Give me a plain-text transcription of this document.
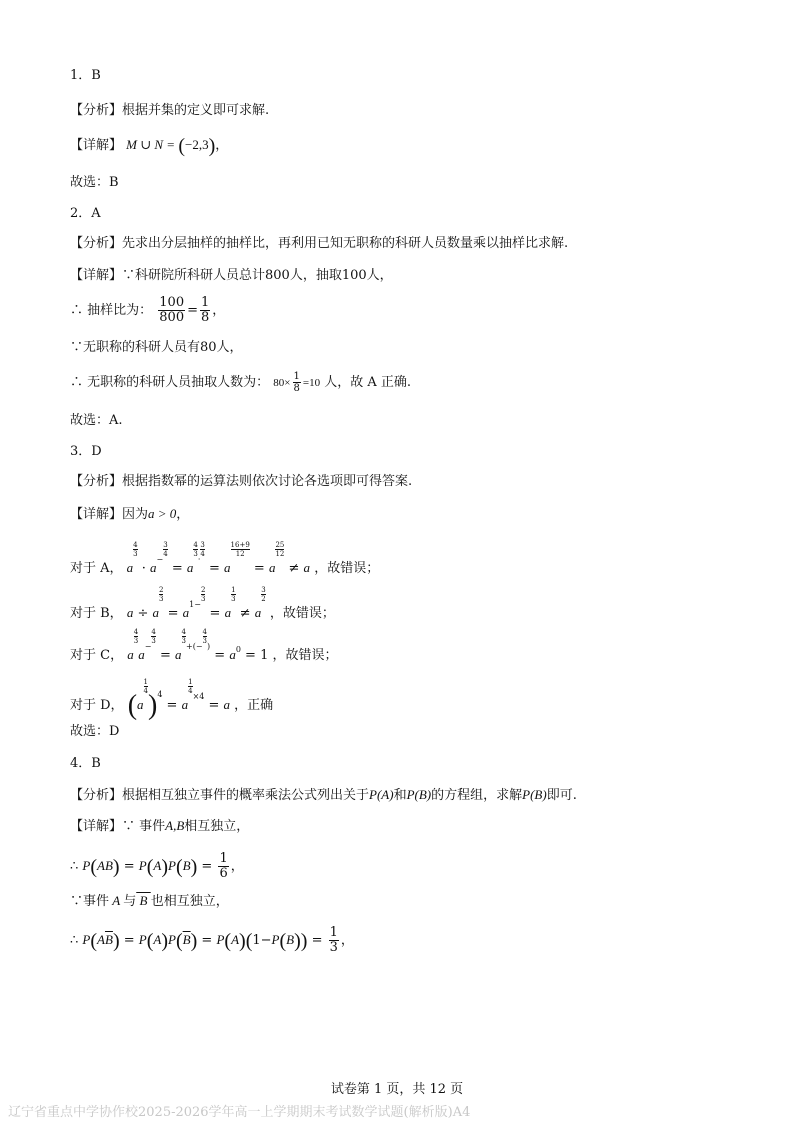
1．B
【分析】根据并集的定义即可求解.
【详解】 M ∪ N = (−2,3)，
故选：B
2．A
【分析】先求出分层抽样的抽样比，再利用已知无职称的科研人员数量乘以抽样比求解.
【详解】∵科研院所科研人员总计800人，抽取100人，
∴ 抽样比为： $\frac{100}{800} = \frac{1}{8}$ ，
∵无职称的科研人员有80人，
∴ 无职称的科研人员抽取人数为： $80\times \frac{1}{8} =10$ 人，故 A 正确.
故选：A.
3．D
【分析】根据指数幂的运算法则依次讨论各选项即可得答案.
【详解】因为a > 0，
对于 A， a
$^{\frac{4}{3}}$
· $a^{- \frac{3}{4}}$
= a
$^{\frac{4}{3} \cdot \frac{3}{4}}$
= a
$^{\frac{16+9}{12}}$
= a
$^{\frac{25}{12}}$
≠ a ，故错误；
对于 B， a ÷ a
$^{\frac{2}{3}}$
= $a^{1- \frac{2}{3}}$
= a
$^{\frac{1}{3}}$
≠ a
$^{\frac{3}{2}}$
，故错误；
对于 C， a
$^{\frac{4}{3}}$
$a^{- \frac{4}{3}}$
= a
$^{\frac{4}{3} +(- \frac{4}{3} )} = a^0 = 1$ ，故错误；
对于 D， (a
$^{\frac{1}{4}}$
)$^4$ = a
$^{\frac{1}{4} \times 4}$ = a ，正确
故选：D
4．B
【分析】根据相互独立事件的概率乘法公式列出关于P(A)和P(B)的方程组，求解P(B)即可.
【详解】∵ 事件A,B相互独立，
∴ $P(AB) = P(A)P(B) = \frac{1}{6}$ ，
∵事件 A 与 B 也相互独立，
∴ $P(A\overline{B}) = P(A)P(\overline{B}) = P(A)(1-P(B)) = \frac{1}{3}$ ，
试卷第 1 页，共 12 页
辽宁省重点中学协作校2025-2026学年高一上学期期末考试数学试题(解析版)A4
